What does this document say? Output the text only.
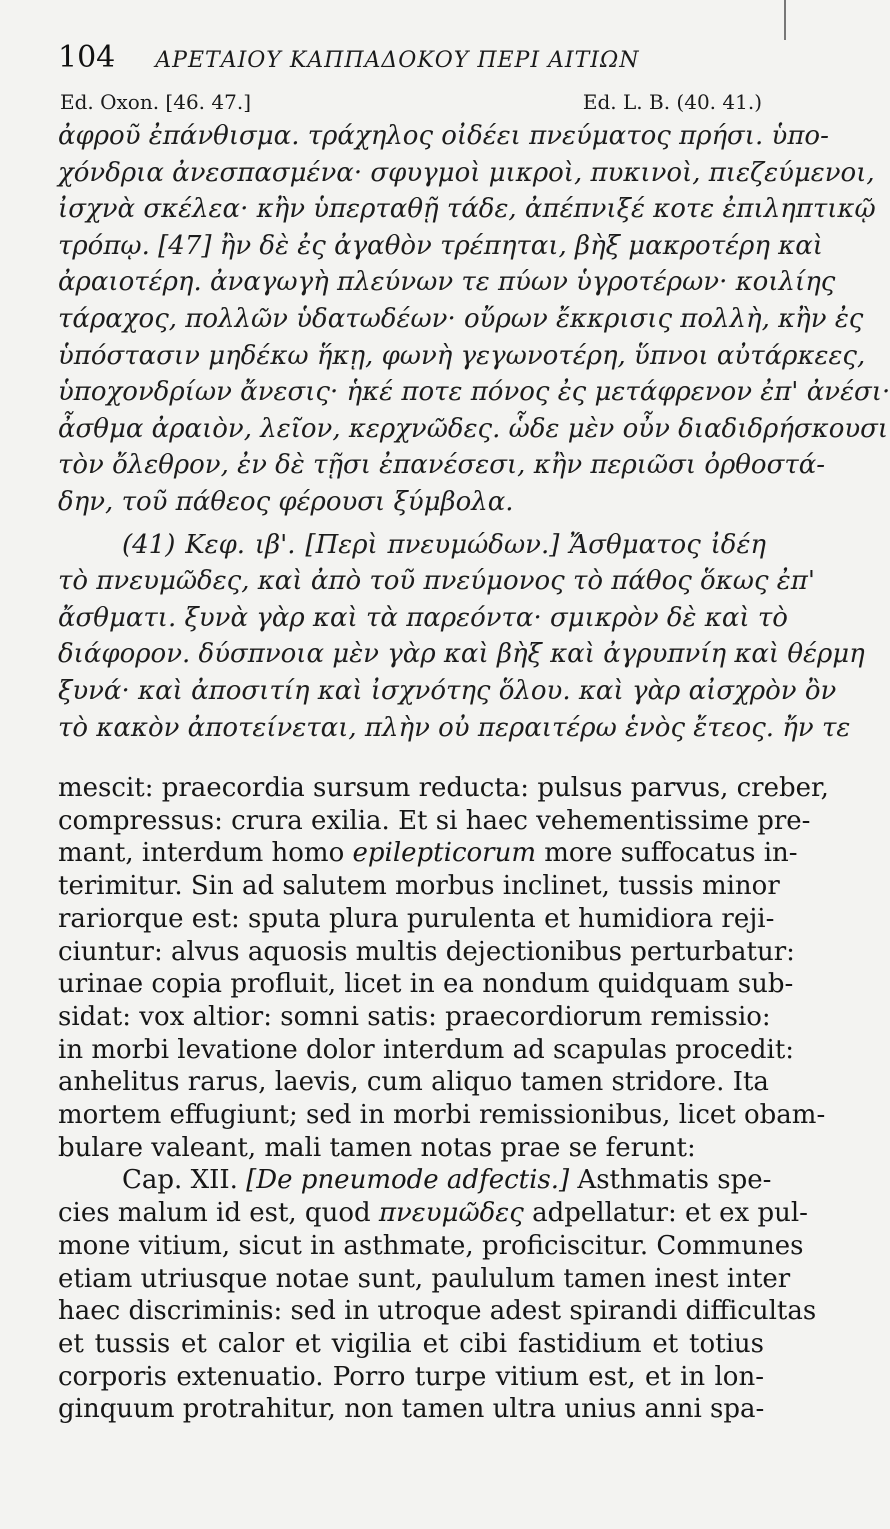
104 ΑΡΕΤΑΙΟΥ ΚΑΠΠΑΔΟΚΟΥ ΠΕΡΙ ΑΙΤΙΩΝ
Ed. Oxon. [46. 47.]	Ed. L. B. (40. 41.)

ἀφροῦ ἐπάνθισμα. τράχηλος οἰδέει πνεύματος πρήσι. ὑπο-
χόνδρια ἀνεσπασμένα· σφυγμοὶ μικροὶ, πυκινοὶ, πιεζεύμενοι,
ἰσχνὰ σκέλεα· κἢν ὑπερταθῇ τάδε, ἀπέπνιξέ κοτε ἐπιληπτικῷ
τρόπῳ. [47] ἢν δὲ ἐς ἀγαθὸν τρέπηται, βὴξ μακροτέρη καὶ
ἀραιοτέρη. ἀναγωγὴ πλεύνων τε πύων ὑγροτέρων· κοιλίης
τάραχος, πολλῶν ὑδατωδέων· οὔρων ἔκκρισις πολλὴ, κἢν ἐς
ὑπόστασιν μηδέκω ἥκῃ, φωνὴ γεγωνοτέρη, ὕπνοι αὐτάρκεες,
ὑποχονδρίων ἄνεσις· ἡκέ ποτε πόνος ἐς μετάφρενον ἐπ' ἀνέσι·
ἆσθμα ἀραιὸν, λεῖον, κερχνῶδες. ὧδε μὲν οὖν διαδιδρήσκουσι
τὸν ὄλεθρον, ἐν δὲ τῇσι ἐπανέσεσι, κἢν περιῶσι ὀρθοστά-
δην, τοῦ πάθεος φέρουσι ξύμβολα.

(41) Κεφ. ιβ'. [Περὶ πνευμώδων.] Ἄσθματος ἰδέη
τὸ πνευμῶδες, καὶ ἀπὸ τοῦ πνεύμονος τὸ πάθος ὅκως ἐπ'
ἄσθματι. ξυνὰ γὰρ καὶ τὰ παρεόντα· σμικρὸν δὲ καὶ τὸ
διάφορον. δύσπνοια μὲν γὰρ καὶ βὴξ καὶ ἀγρυπνίη καὶ θέρμη
ξυνά· καὶ ἀποσιτίη καὶ ἰσχνότης ὅλου. καὶ γὰρ αἰσχρὸν ὂν
τὸ κακὸν ἀποτείνεται, πλὴν οὐ περαιτέρω ἑνὸς ἔτεος. ἤν τε

mescit: praecordia sursum reducta: pulsus parvus, creber,
compressus: crura exilia. Et si haec vehementissime pre-
mant, interdum homo epilepticorum more suffocatus in-
terimitur. Sin ad salutem morbus inclinet, tussis minor
rariorque est: sputa plura purulenta et humidiora reji-
ciuntur: alvus aquosis multis dejectionibus perturbatur:
urinae copia profluit, licet in ea nondum quidquam sub-
sidat: vox altior: somni satis: praecordiorum remissio:
in morbi levatione dolor interdum ad scapulas procedit:
anhelitus rarus, laevis, cum aliquo tamen stridore. Ita
mortem effugiunt; sed in morbi remissionibus, licet obam-
bulare valeant, mali tamen notas prae se ferunt:

Cap. XII. [De pneumode adfectis.] Asthmatis spe-
cies malum id est, quod πνευμῶδες adpellatur: et ex pul-
mone vitium, sicut in asthmate, proficiscitur. Communes
etiam utriusque notae sunt, paululum tamen inest inter
haec discriminis: sed in utroque adest spirandi difficultas
et tussis et calor et vigilia et cibi fastidium et totius
corporis extenuatio. Porro turpe vitium est, et in lon-
ginquum protrahitur, non tamen ultra unius anni spa-
